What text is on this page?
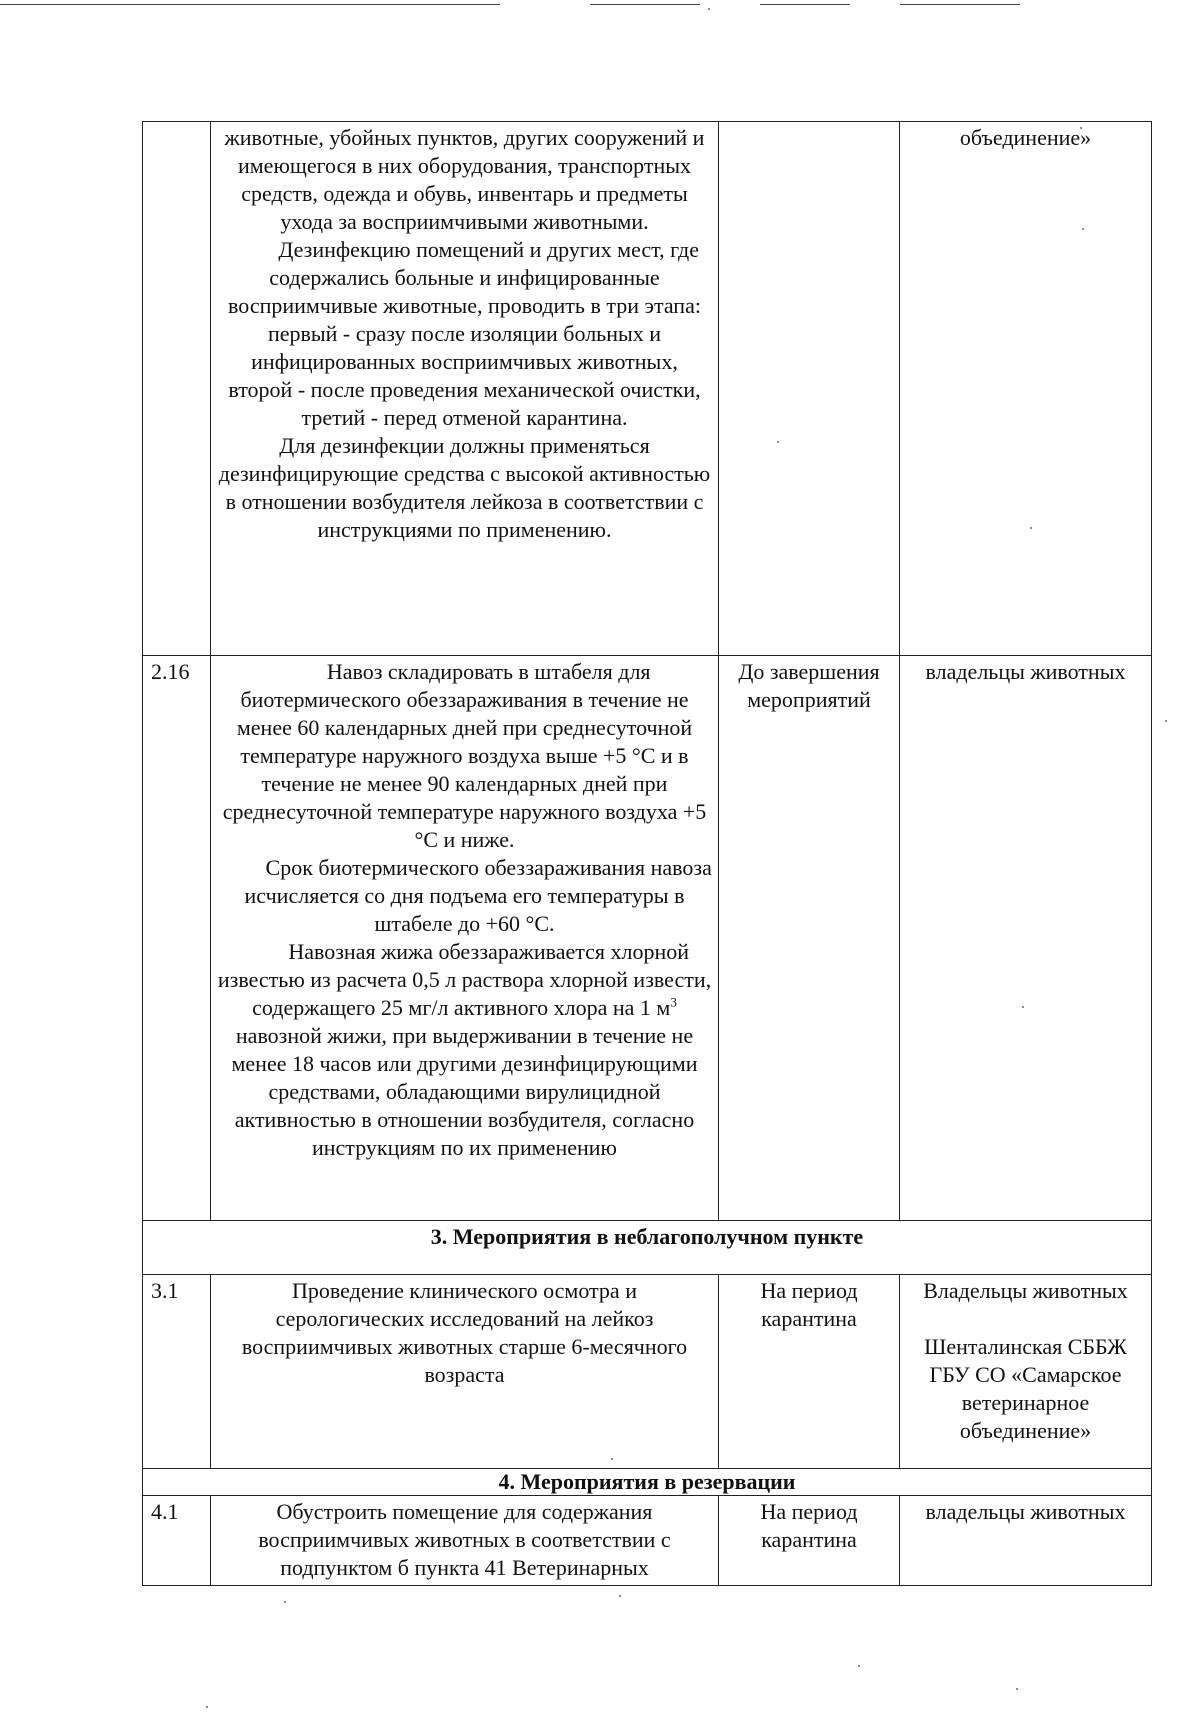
	животные, убойных пунктов, других сооружений и имеющегося в них оборудования, транспортных средств, одежда и обувь, инвентарь и предметы ухода за восприимчивыми животными.

Дезинфекцию помещений и других мест, где содержались больные и инфицированные восприимчивые животные, проводить в три этапа: первый - сразу после изоляции больных и инфицированных восприимчивых животных, второй - после проведения механической очистки, третий - перед отменой карантина.

Для дезинфекции должны применяться дезинфицирующие средства с высокой активностью в отношении возбудителя лейкоза в соответствии с инструкциями по применению.		объединение»
2.16	Навоз складировать в штабеля для биотермического обеззараживания в течение не менее 60 календарных дней при среднесуточной температуре наружного воздуха выше +5 °С и в течение не менее 90 календарных дней при среднесуточной температуре наружного воздуха +5 °С и ниже.

Срок биотермического обеззараживания навоза исчисляется со дня подъема его температуры в штабеле до +60 °С.

Навозная жижа обеззараживается хлорной известью из расчета 0,5 л раствора хлорной извести, содержащего 25 мг/л активного хлора на 1 $м^3$ навозной жижи, при выдерживании в течение не менее 18 часов или другими дезинфицирующими средствами, обладающими вирулицидной активностью в отношении возбудителя, согласно инструкциям по их применению	До завершения мероприятий	владельцы животных
3. Мероприятия в неблагополучном пункте			
3.1	Проведение клинического осмотра и серологических исследований на лейкоз восприимчивых животных старше 6-месячного возраста	На период карантина	Владельцы животных
Шенталинская СББЖ ГБУ СО «Самарское ветеринарное объединение»

4. Мероприятия в резервации			
4.1	Обустроить помещение для содержания восприимчивых животных в соответствии с подпунктом б пункта 41 Ветеринарных	На период карантина	владельцы животных
